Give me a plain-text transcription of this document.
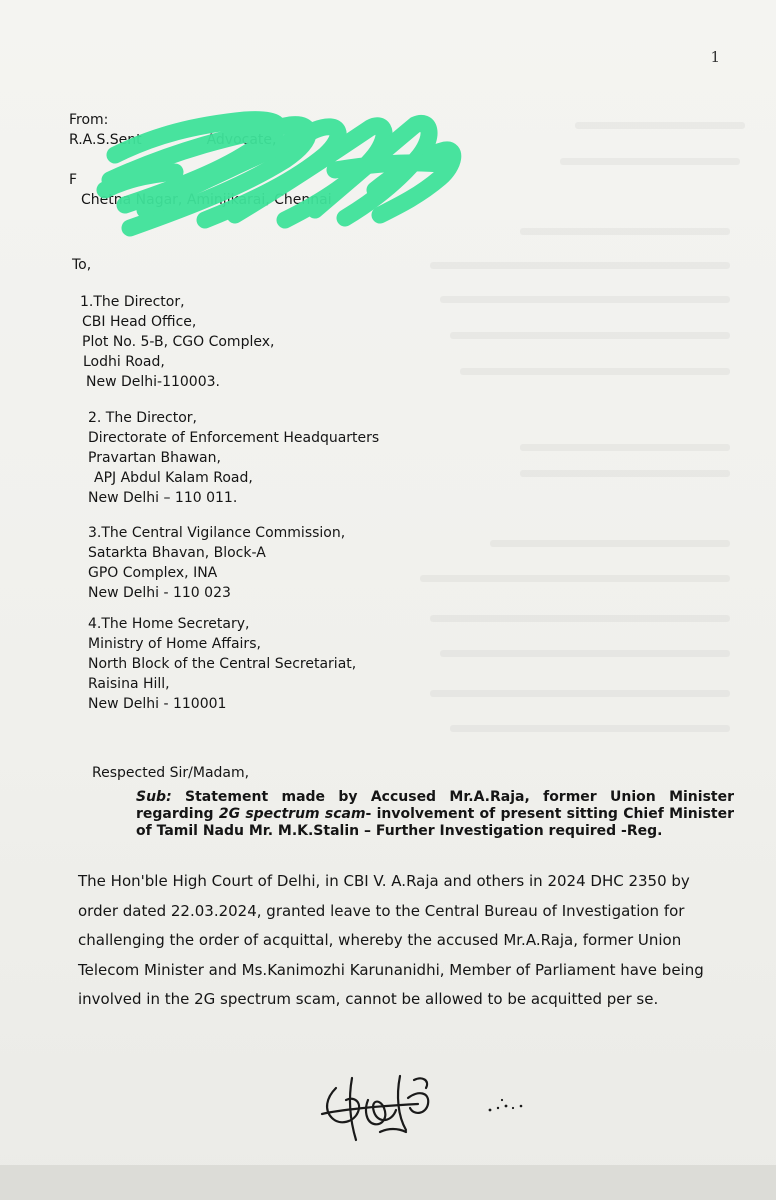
1
From:
R.A.S.Sent	Advocate,

F
Chetna Nagar, Aminjikarai, Chennai
To,
1.The Director,
CBI Head Office,
Plot No. 5-B, CGO Complex,
Lodhi Road,
New Delhi-110003.
2. The Director,
Directorate of Enforcement Headquarters
Pravartan Bhawan,
APJ Abdul Kalam Road,
New Delhi – 110 011.
3.The Central Vigilance Commission,
Satarkta Bhavan, Block-A
GPO Complex, INA
New Delhi - 110 023
4.The Home Secretary,
Ministry of Home Affairs,
North Block of the Central Secretariat,
Raisina Hill,
New Delhi - 110001
Respected Sir/Madam,
Sub: Statement made by Accused Mr.A.Raja, former Union Minister regarding 2G spectrum scam- involvement of present sitting Chief Minister of Tamil Nadu Mr. M.K.Stalin – Further Investigation required -Reg.
The Hon'ble High Court of Delhi, in CBI V. A.Raja and others in 2024 DHC 2350 by
order dated 22.03.2024, granted leave to the Central Bureau of Investigation for
challenging the order of acquittal, whereby the accused Mr.A.Raja, former Union
Telecom Minister and Ms.Kanimozhi Karunanidhi, Member of Parliament have being
involved in the 2G spectrum scam, cannot be allowed to be acquitted per se.
